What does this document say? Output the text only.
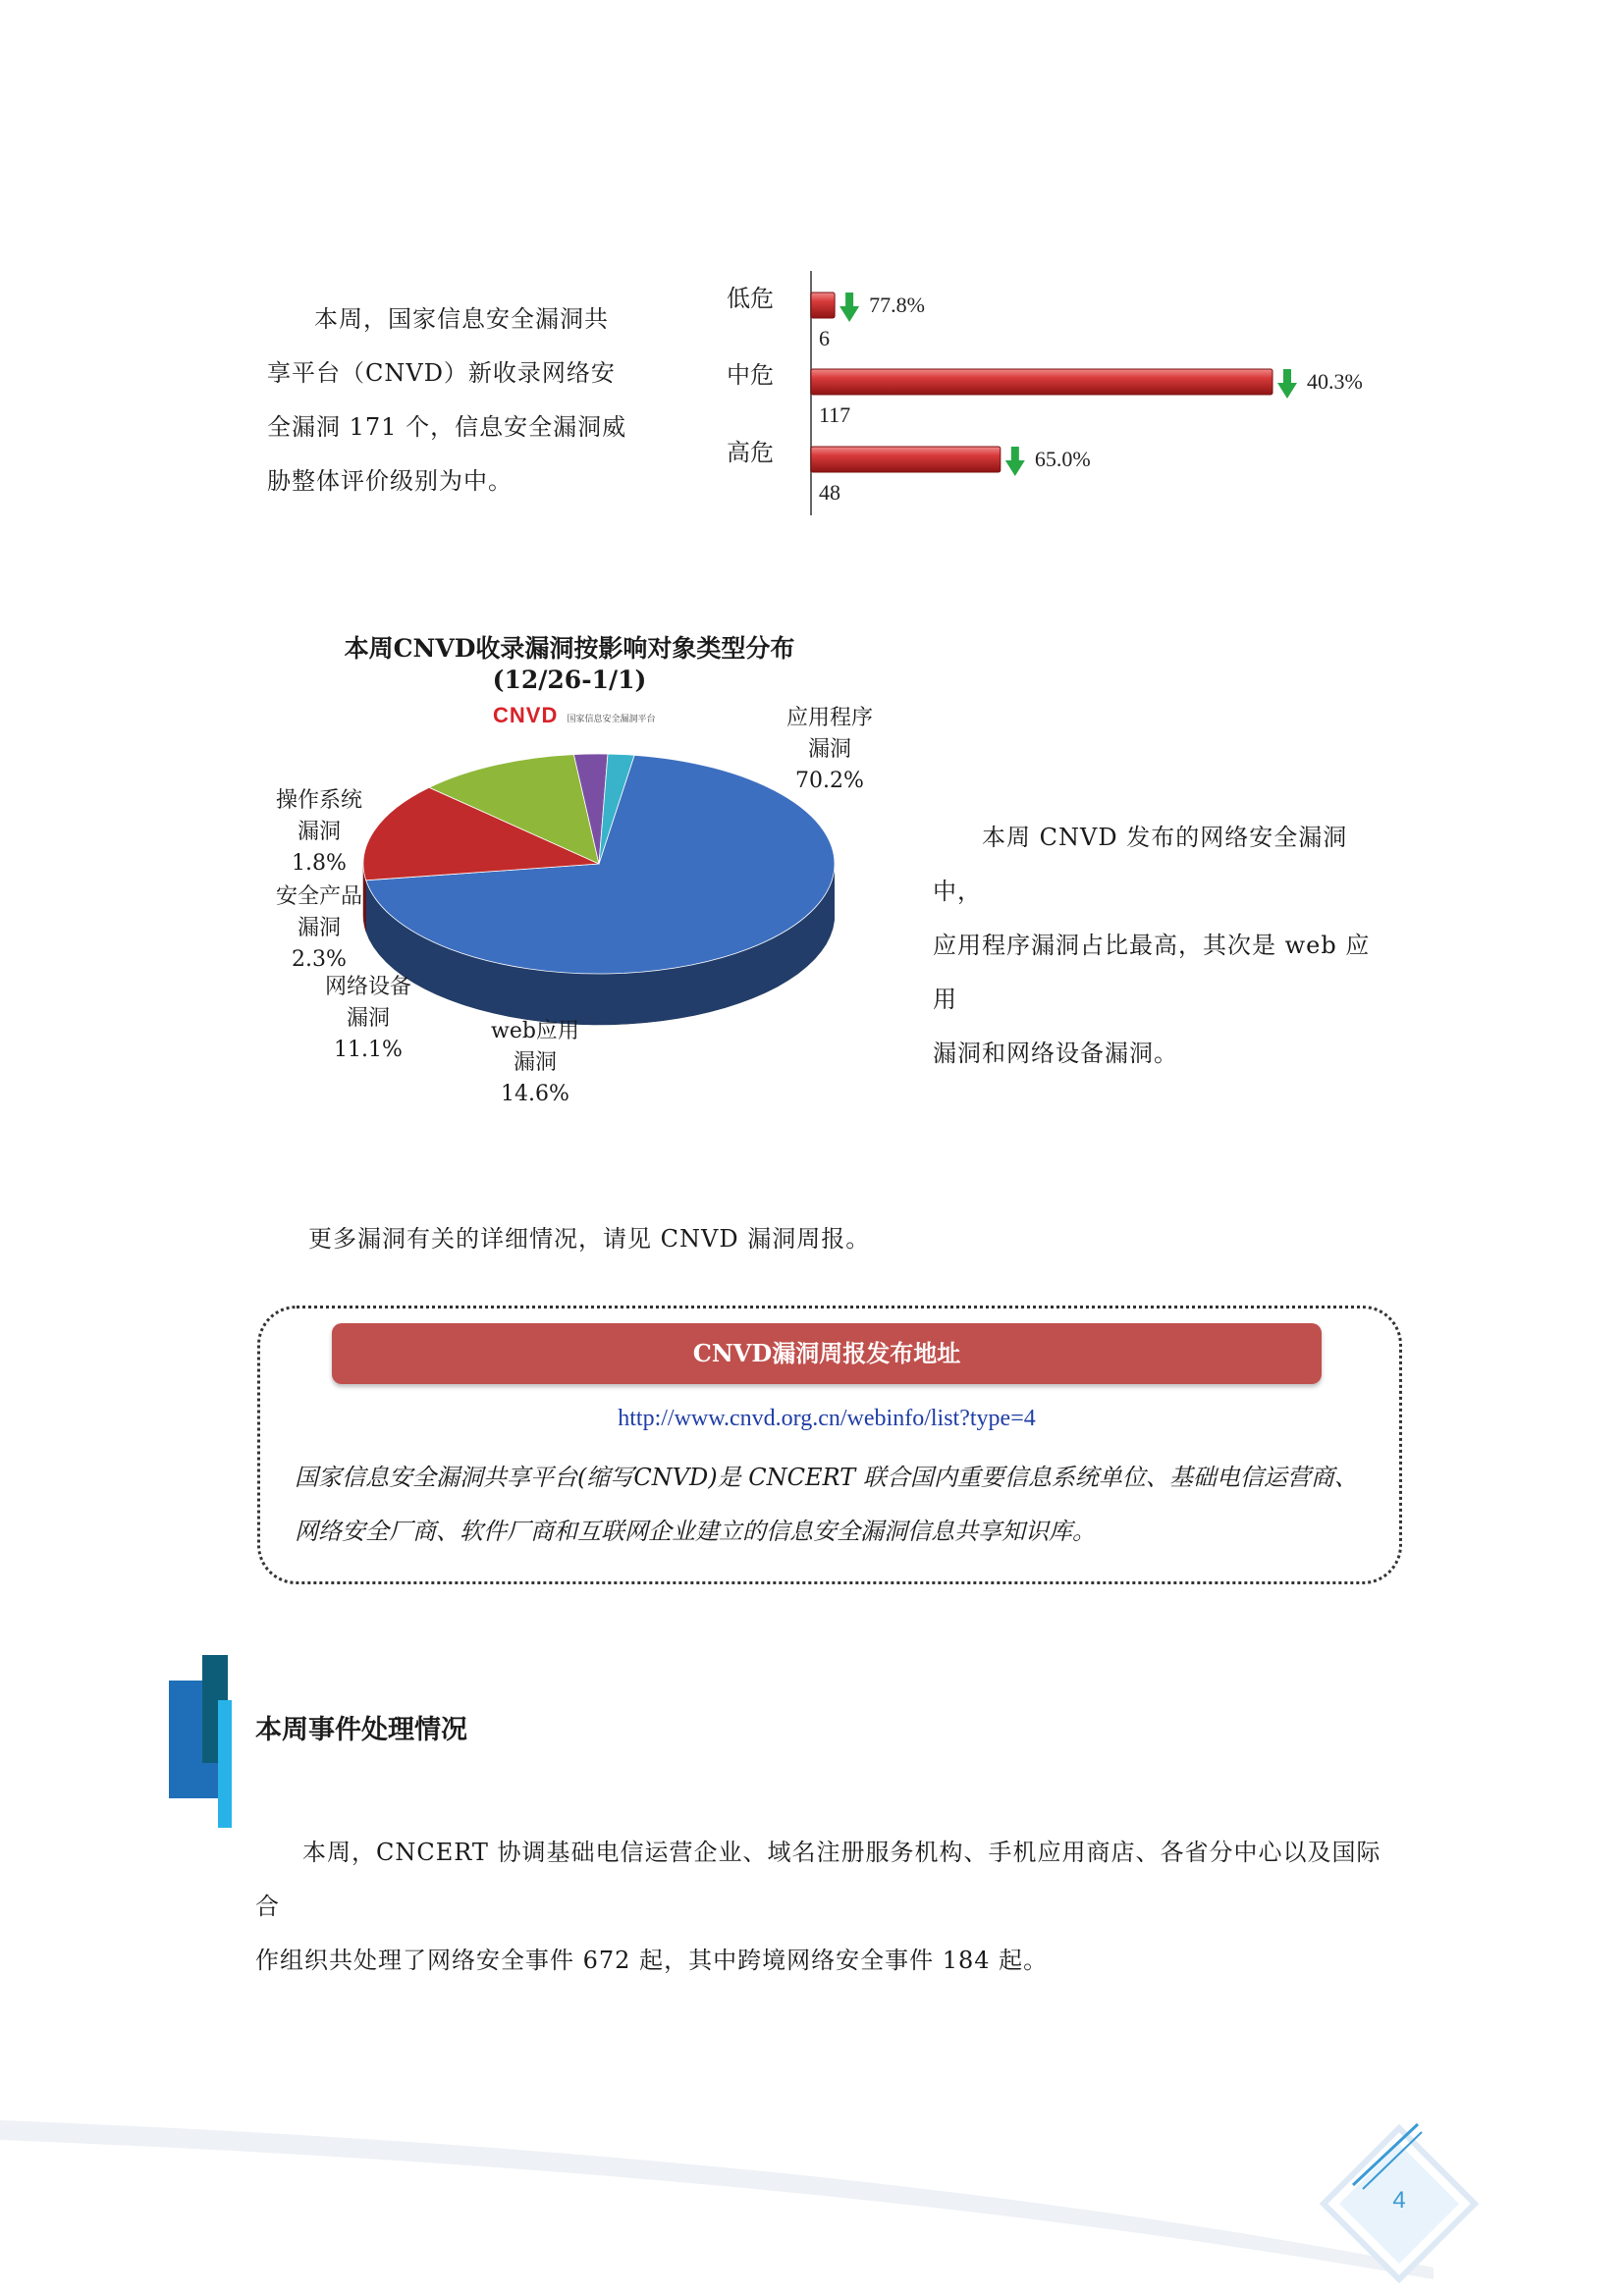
本周，国家信息安全漏洞共
享平台（CNVD）新收录网络安
全漏洞 171 个，信息安全漏洞威
胁整体评价级别为中。
低危
6
77.8%
中危
117
40.3%
高危
48
65.0%
本周CNVD收录漏洞按影响对象类型分布
(12/26-1/1)
CNVD 国家信息安全漏洞平台	应用程序
漏洞
70.2%
操作系统
漏洞
1.8%
安全产品
漏洞
2.3%
网络设备
漏洞
11.1%
web应用
漏洞
14.6%
本周 CNVD 发布的网络安全漏洞中，
应用程序漏洞占比最高，其次是 web 应用
漏洞和网络设备漏洞。
更多漏洞有关的详细情况，请见 CNVD 漏洞周报。
CNVD漏洞周报发布地址
http://www.cnvd.org.cn/webinfo/list?type=4
国家信息安全漏洞共享平台(缩写CNVD)是 CNCERT 联合国内重要信息系统单位、基础电信运营商、
网络安全厂商、软件厂商和互联网企业建立的信息安全漏洞信息共享知识库。
本周事件处理情况
本周，CNCERT 协调基础电信运营企业、域名注册服务机构、手机应用商店、各省分中心以及国际合
作组织共处理了网络安全事件 672 起，其中跨境网络安全事件 184 起。
4
